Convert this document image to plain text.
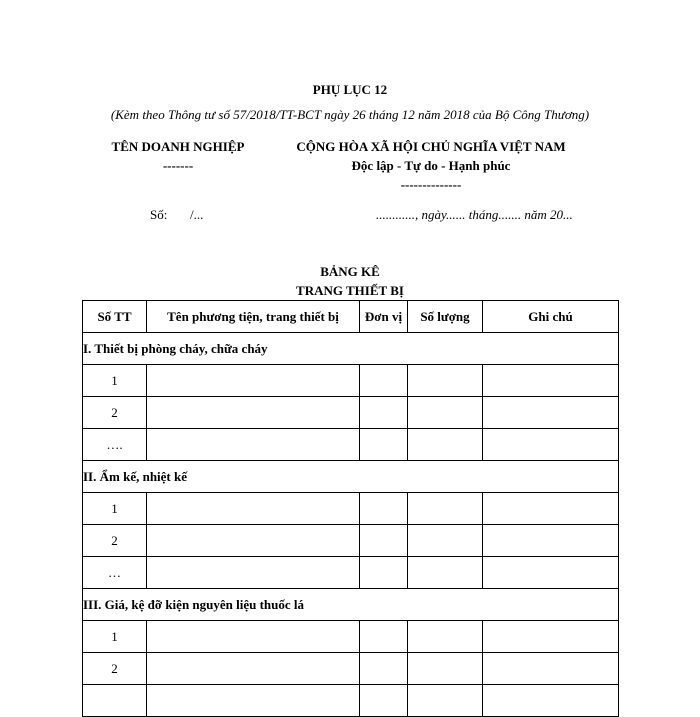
PHỤ LỤC 12
(Kèm theo Thông tư số 57/2018/TT-BCT ngày 26 tháng 12 năm 2018 của Bộ Công Thương)
TÊN DOANH NGHIỆP
-------
CỘNG HÒA XÃ HỘI CHỦ NGHĨA VIỆT NAM
Độc lập - Tự do - Hạnh phúc
--------------
Số: /...	............, ngày...... tháng....... năm 20...
BẢNG KÊ
TRANG THIẾT BỊ
Số TT	Tên phương tiện, trang thiết bị	Đơn vị	Số lượng	Ghi chú
I. Thiết bị phòng cháy, chữa cháy				
1				
2				
….				
II. Ẩm kế, nhiệt kế				
1				
2				
…				
III. Giá, kệ đỡ kiện nguyên liệu thuốc lá				
1				
2				
